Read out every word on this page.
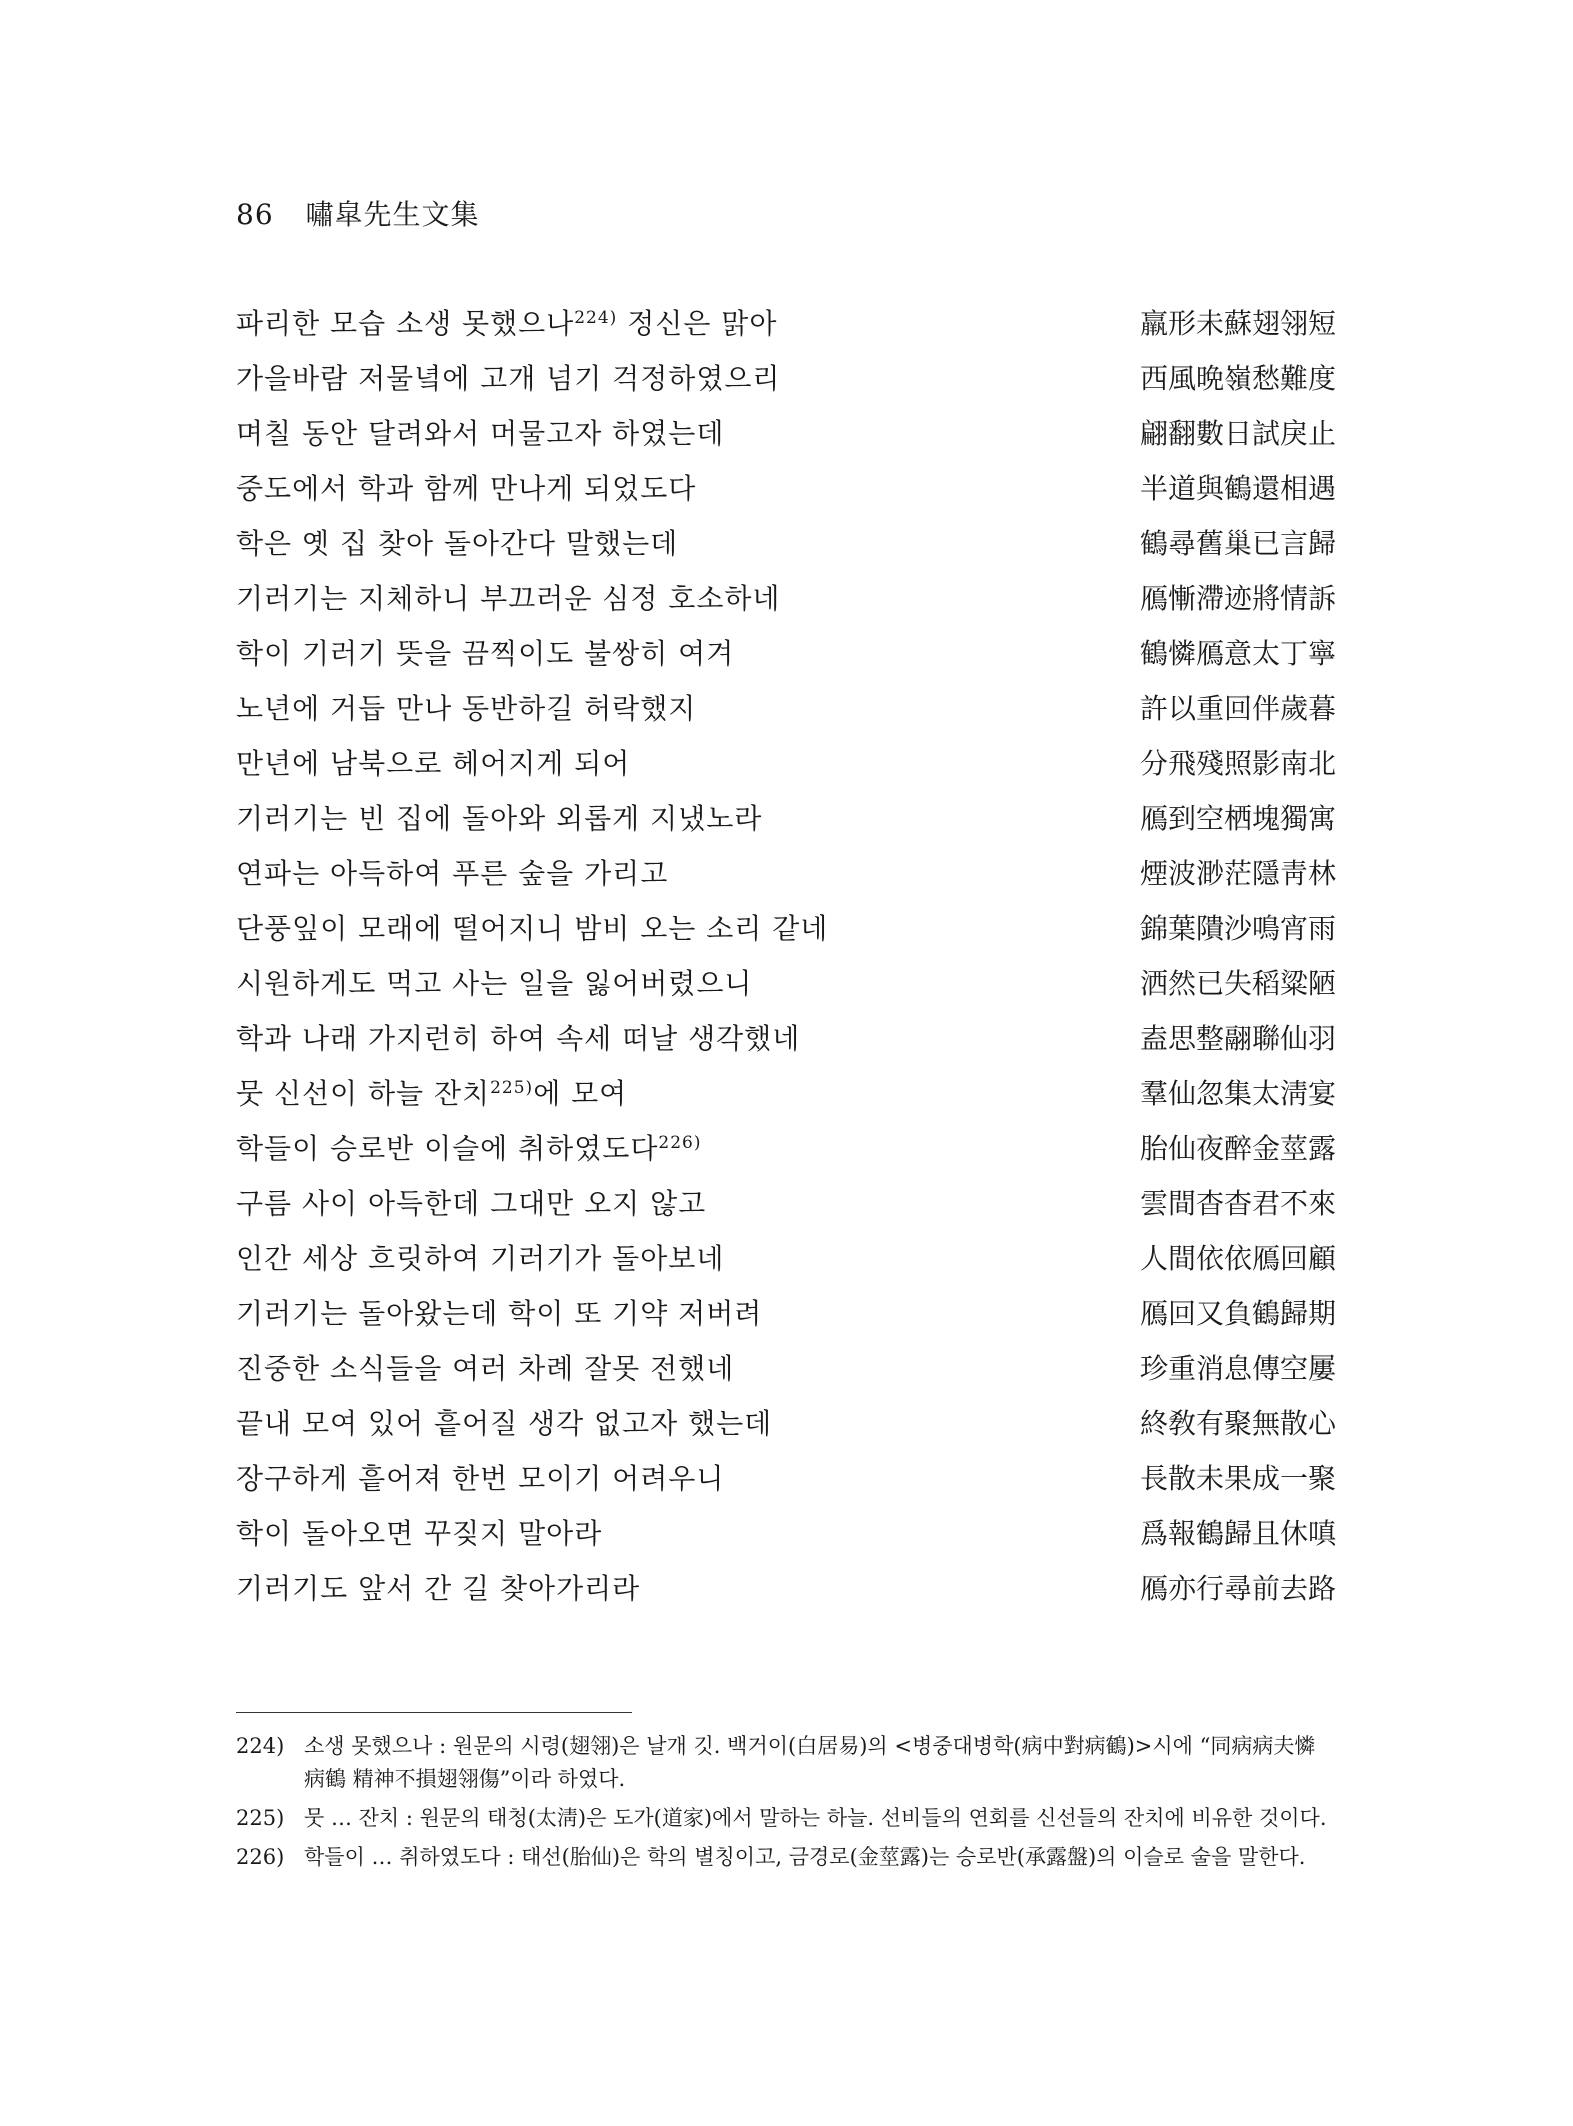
86 嘯皐先生文集
파리한 모습 소생 못했으나$^{224)}$ 정신은 맑아	羸形未蘇翅翎短
가을바람 저물녘에 고개 넘기 걱정하였으리	西風晩嶺愁難度
며칠 동안 달려와서 머물고자 하였는데	翩翻數日試戾止
중도에서 학과 함께 만나게 되었도다	半道與鶴還相遇
학은 옛 집 찾아 돌아간다 말했는데	鶴尋舊巢已言歸
기러기는 지체하니 부끄러운 심정 호소하네	鴈慚滯迹將情訴
학이 기러기 뜻을 끔찍이도 불쌍히 여겨	鶴憐鴈意太丁寧
노년에 거듭 만나 동반하길 허락했지	許以重回伴歲暮
만년에 남북으로 헤어지게 되어	分飛殘照影南北
기러기는 빈 집에 돌아와 외롭게 지냈노라	鴈到空栖塊獨寓
연파는 아득하여 푸른 숲을 가리고	煙波渺茫隱靑林
단풍잎이 모래에 떨어지니 밤비 오는 소리 같네	錦葉隤沙鳴宵雨
시원하게도 먹고 사는 일을 잃어버렸으니	洒然已失稻粱陋
학과 나래 가지런히 하여 속세 떠날 생각했네	盍思整翮聯仙羽
뭇 신선이 하늘 잔치$^{225)}$에 모여	羣仙忽集太淸宴
학들이 승로반 이슬에 취하였도다$^{226)}$	胎仙夜醉金莖露
구름 사이 아득한데 그대만 오지 않고	雲間杳杳君不來
인간 세상 흐릿하여 기러기가 돌아보네	人間依依鴈回顧
기러기는 돌아왔는데 학이 또 기약 저버려	鴈回又負鶴歸期
진중한 소식들을 여러 차례 잘못 전했네	珍重消息傳空屢
끝내 모여 있어 흩어질 생각 없고자 했는데	終敎有聚無散心
장구하게 흩어져 한번 모이기 어려우니	長散未果成一聚
학이 돌아오면 꾸짖지 말아라	爲報鶴歸且休嗔
기러기도 앞서 간 길 찾아가리라	鴈亦行尋前去路
224) 소생 못했으나 : 원문의 시령(翅翎)은 날개 깃. 백거이(白居易)의 <병중대병학(病中對病鶴)>시에 “同病病夫憐病鶴 精神不損翅翎傷”이라 하였다.
225) 뭇 … 잔치 : 원문의 태청(太淸)은 도가(道家)에서 말하는 하늘. 선비들의 연회를 신선들의 잔치에 비유한 것이다.
226) 학들이 … 취하였도다 : 태선(胎仙)은 학의 별칭이고, 금경로(金莖露)는 승로반(承露盤)의 이슬로 술을 말한다.
